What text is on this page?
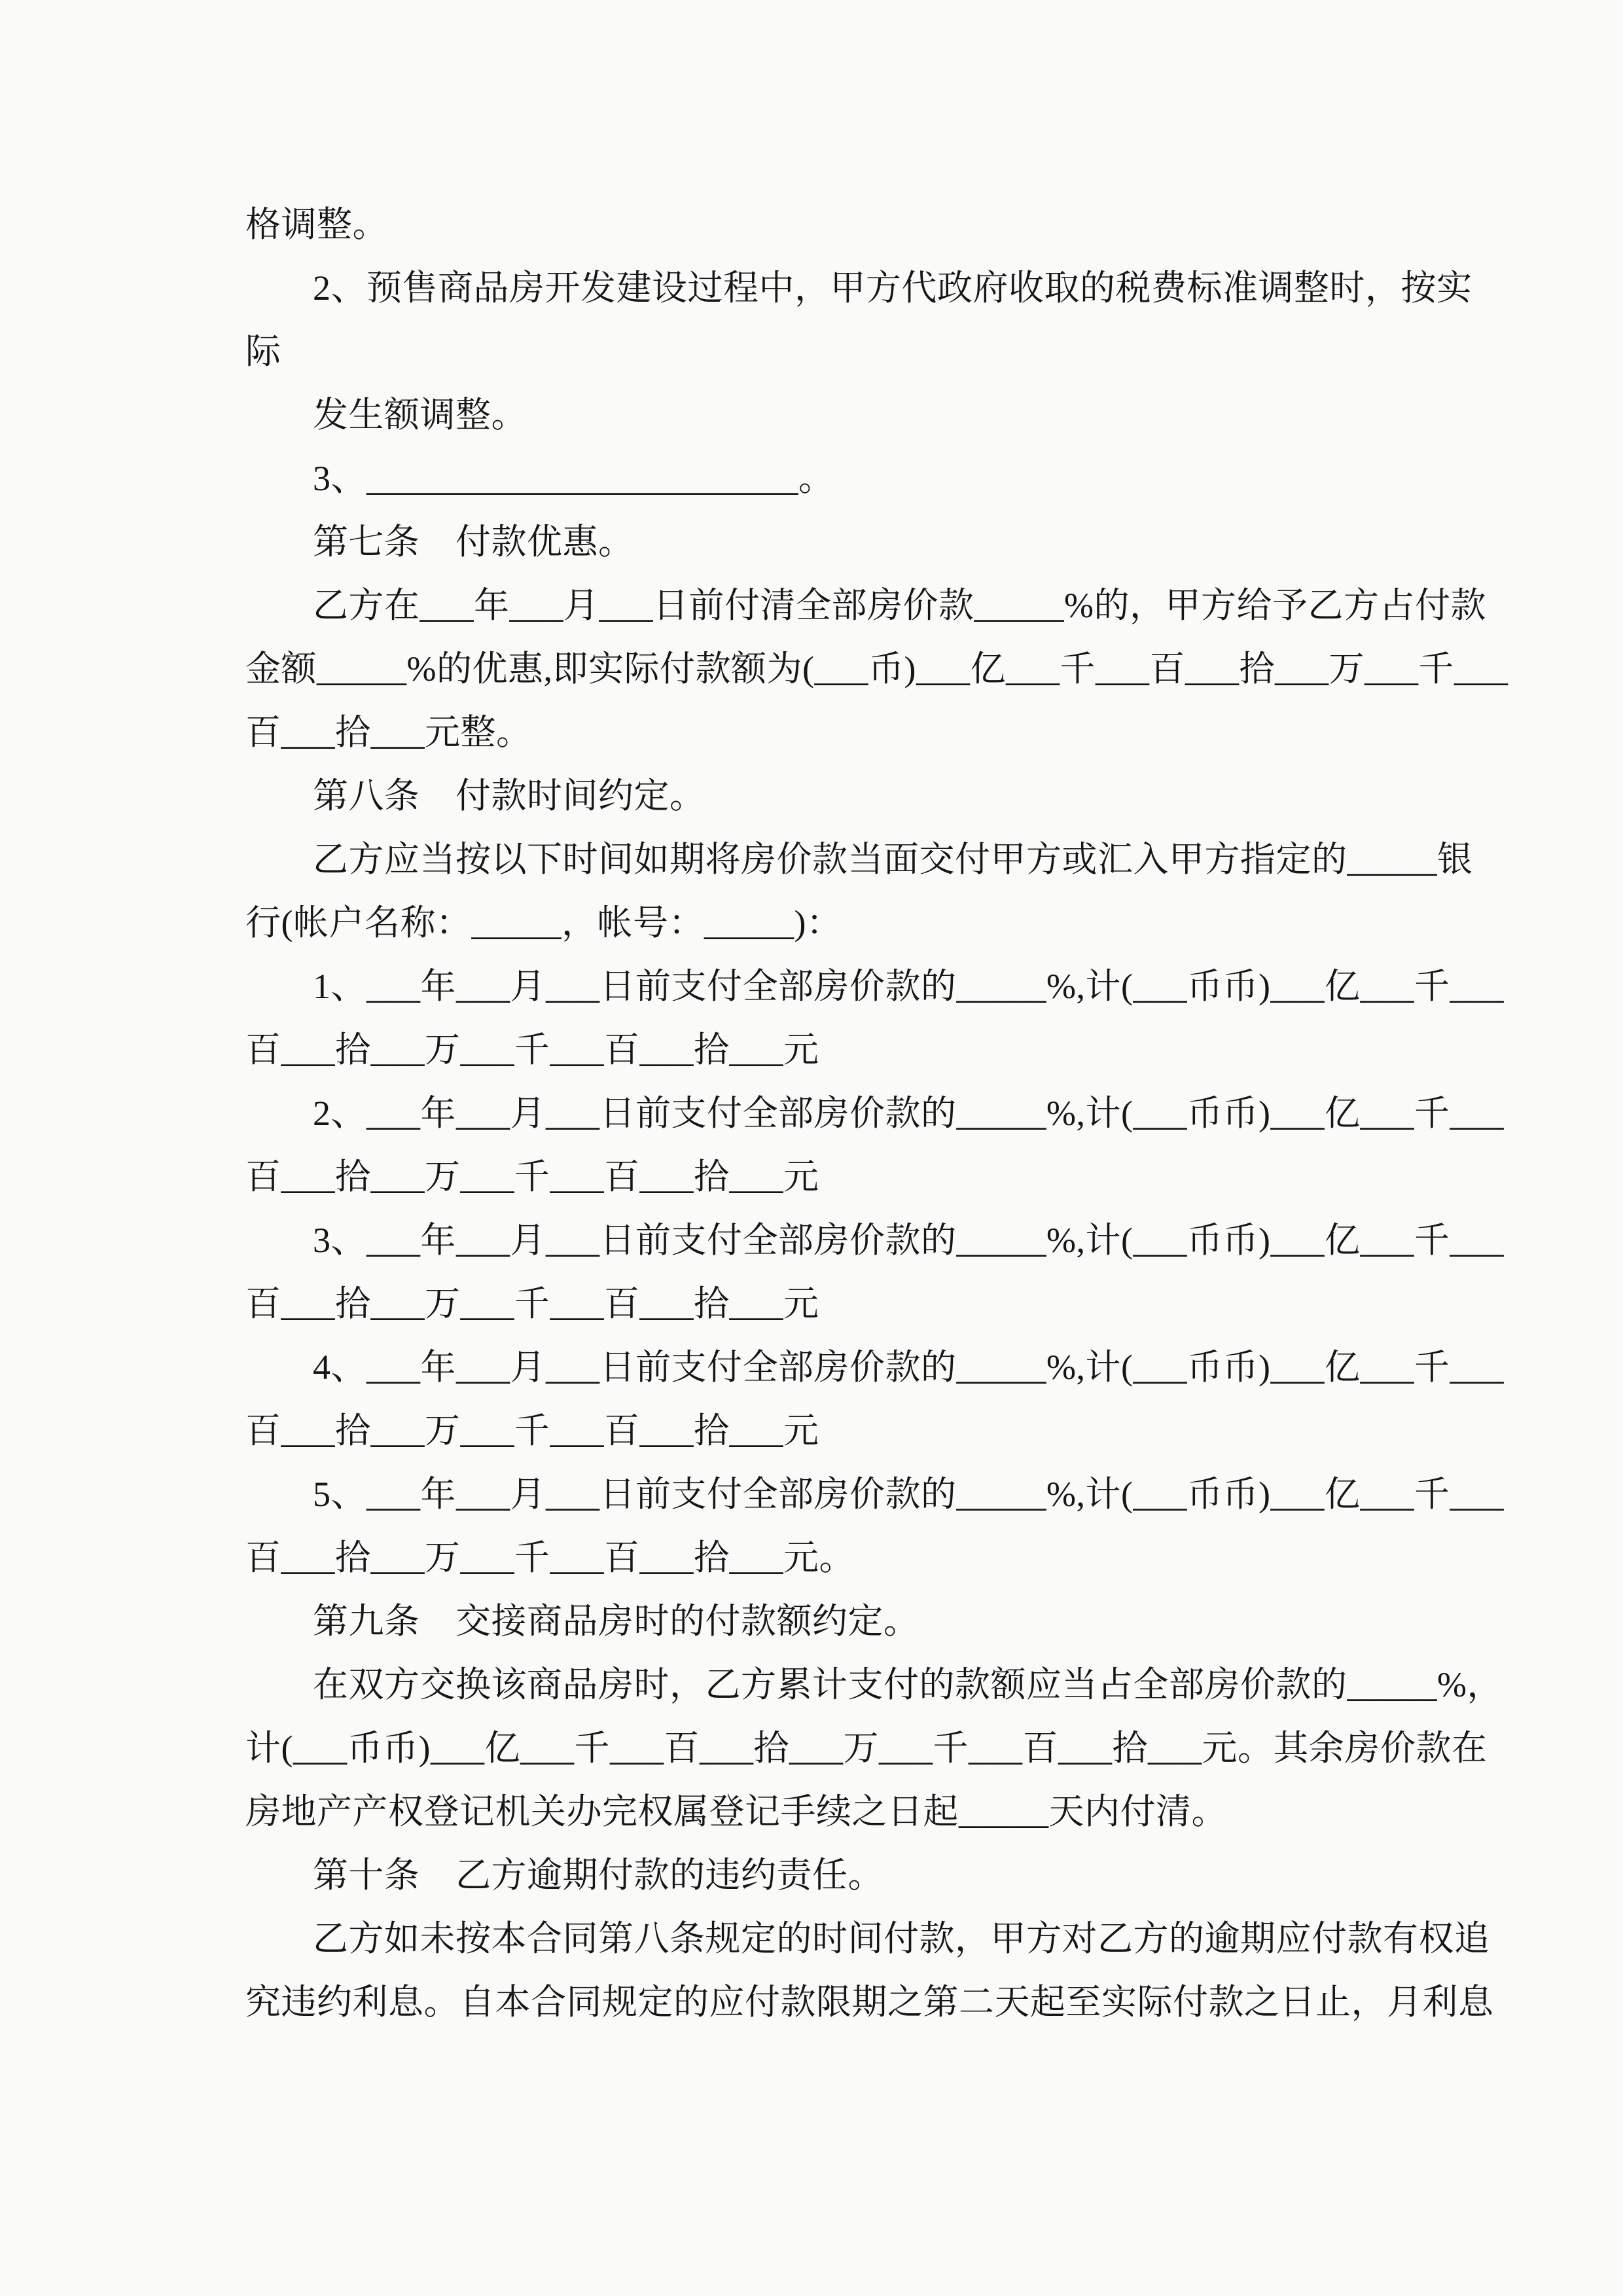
格调整。
2、预售商品房开发建设过程中，甲方代政府收取的税费标准调整时，按实
际
发生额调整。
3、________________________。
第七条　付款优惠。
乙方在___年___月___日前付清全部房价款_____%的，甲方给予乙方占付款
金额_____%的优惠,即实际付款额为(___币)___亿___千___百___拾___万___千___
百___拾___元整。
第八条　付款时间约定。
乙方应当按以下时间如期将房价款当面交付甲方或汇入甲方指定的_____银
行(帐户名称：_____，帐号：_____)：
1、___年___月___日前支付全部房价款的_____%,计(___币币)___亿___千___
百___拾___万___千___百___拾___元
2、___年___月___日前支付全部房价款的_____%,计(___币币)___亿___千___
百___拾___万___千___百___拾___元
3、___年___月___日前支付全部房价款的_____%,计(___币币)___亿___千___
百___拾___万___千___百___拾___元
4、___年___月___日前支付全部房价款的_____%,计(___币币)___亿___千___
百___拾___万___千___百___拾___元
5、___年___月___日前支付全部房价款的_____%,计(___币币)___亿___千___
百___拾___万___千___百___拾___元。
第九条　交接商品房时的付款额约定。
在双方交换该商品房时，乙方累计支付的款额应当占全部房价款的_____%，
计(___币币)___亿___千___百___拾___万___千___百___拾___元。其余房价款在
房地产产权登记机关办完权属登记手续之日起_____天内付清。
第十条　乙方逾期付款的违约责任。
乙方如未按本合同第八条规定的时间付款，甲方对乙方的逾期应付款有权追
究违约利息。自本合同规定的应付款限期之第二天起至实际付款之日止，月利息
